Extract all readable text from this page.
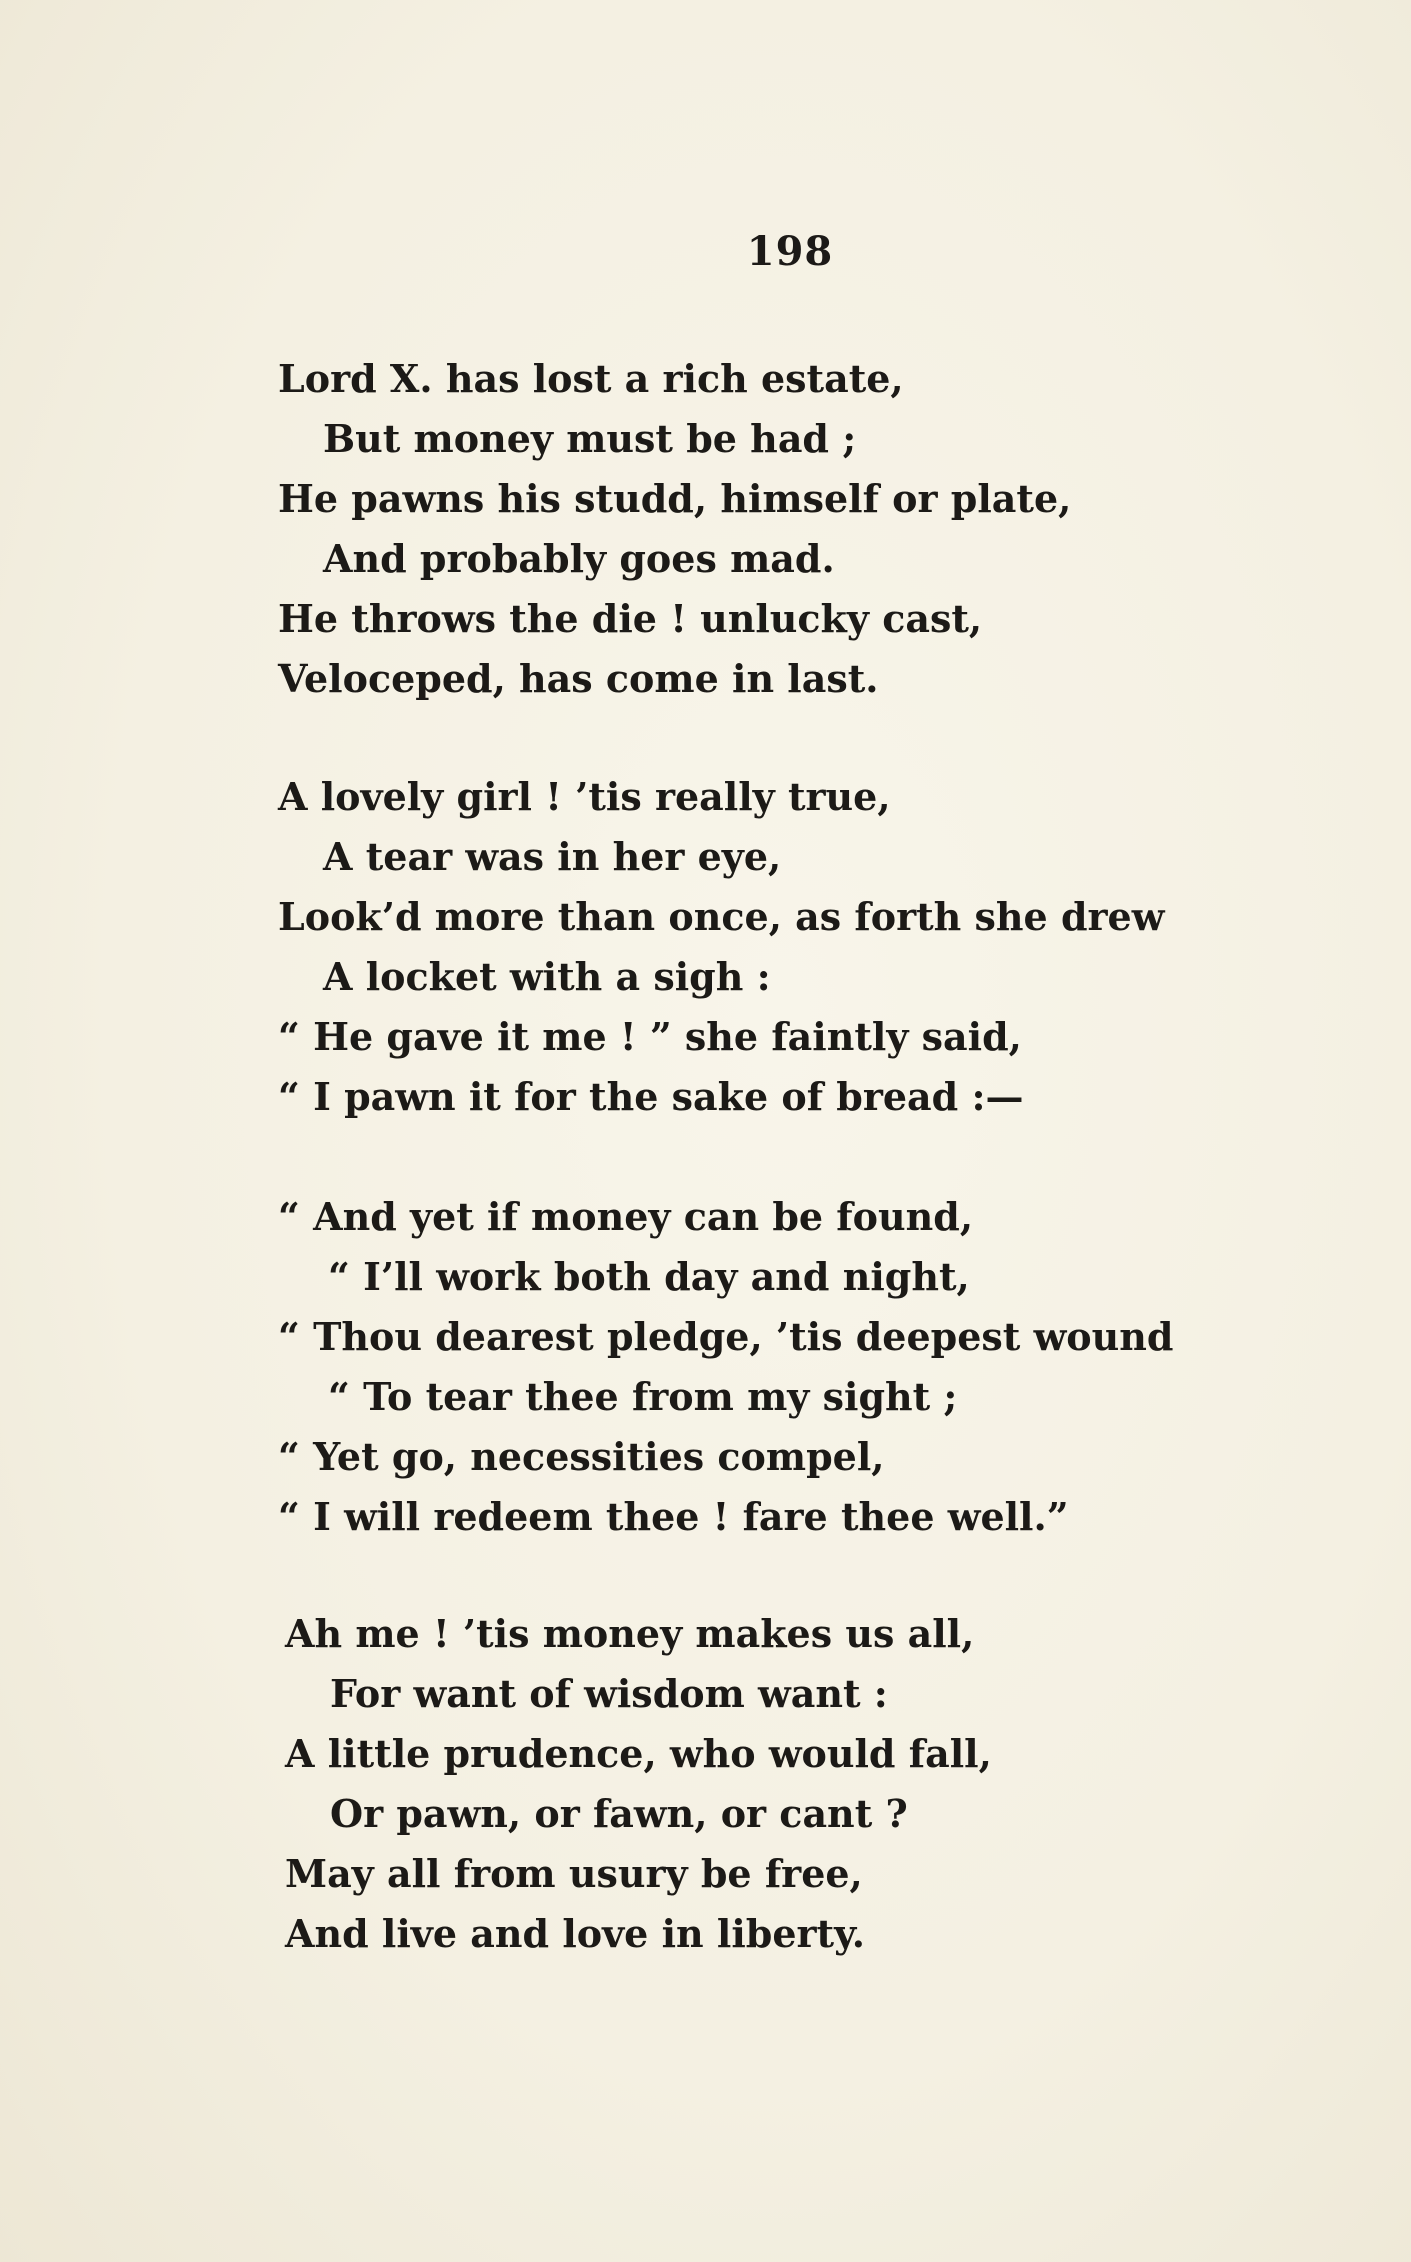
198
Lord X. has lost a rich estate,
But money must be had ;
He pawns his studd, himself or plate,
And probably goes mad.
He throws the die ! unlucky cast,
Veloceped, has come in last.
A lovely girl ! ’tis really true,
A tear was in her eye,
Look’d more than once, as forth she drew
A locket with a sigh :
“ He gave it me ! ” she faintly said,
“ I pawn it for the sake of bread :—
“ And yet if money can be found,
“ I’ll work both day and night,
“ Thou dearest pledge, ’tis deepest wound
“ To tear thee from my sight ;
“ Yet go, necessities compel,
“ I will redeem thee ! fare thee well.”
Ah me ! ’tis money makes us all,
For want of wisdom want :
A little prudence, who would fall,
Or pawn, or fawn, or cant ?
May all from usury be free,
And live and love in liberty.
